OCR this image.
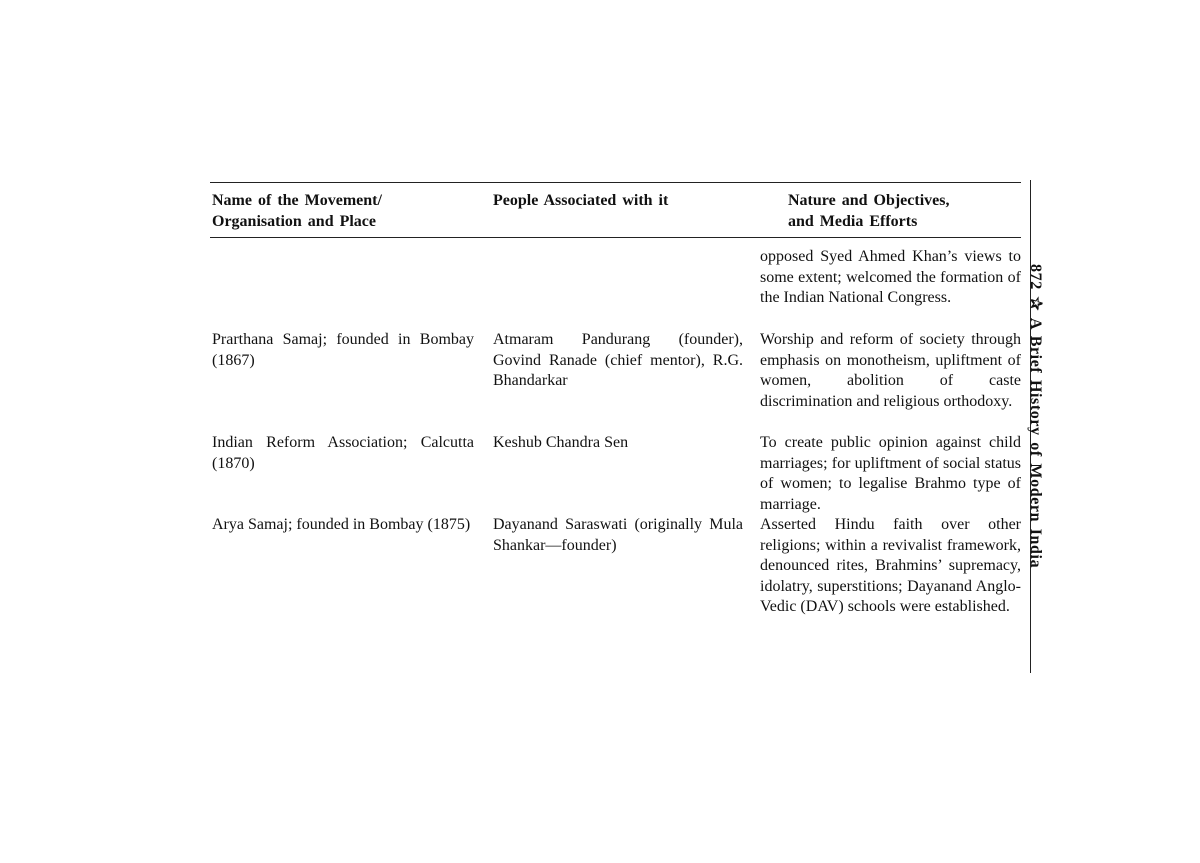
Name of the Movement/
Organisation and Place
People Associated with it	Nature and Objectives,
and Media Efforts
opposed Syed Ahmed Khan’s views to some extent; welcomed the formation of the Indian National Congress.
Prarthana Samaj; founded in Bombay (1867)
Atmaram Pandurang (founder), Govind Ranade (chief mentor), R.G. Bhandarkar
Worship and reform of society through emphasis on monotheism, upliftment of women, abolition of caste discrimination and religious orthodoxy.
Indian Reform Association; Calcutta (1870)
Keshub Chandra Sen	To create public opinion against child marriages; for upliftment of social status of women; to legalise Brahmo type of marriage.
Arya Samaj; founded in Bombay (1875) Dayanand Saraswati (originally Mula Shankar—founder)
Asserted Hindu faith over other religions; within a revivalist framework, denounced rites, Brahmins’ supremacy, idolatry, superstitions; Dayanand Anglo-Vedic (DAV) schools were established.
872✰A Brief History of Modern India
